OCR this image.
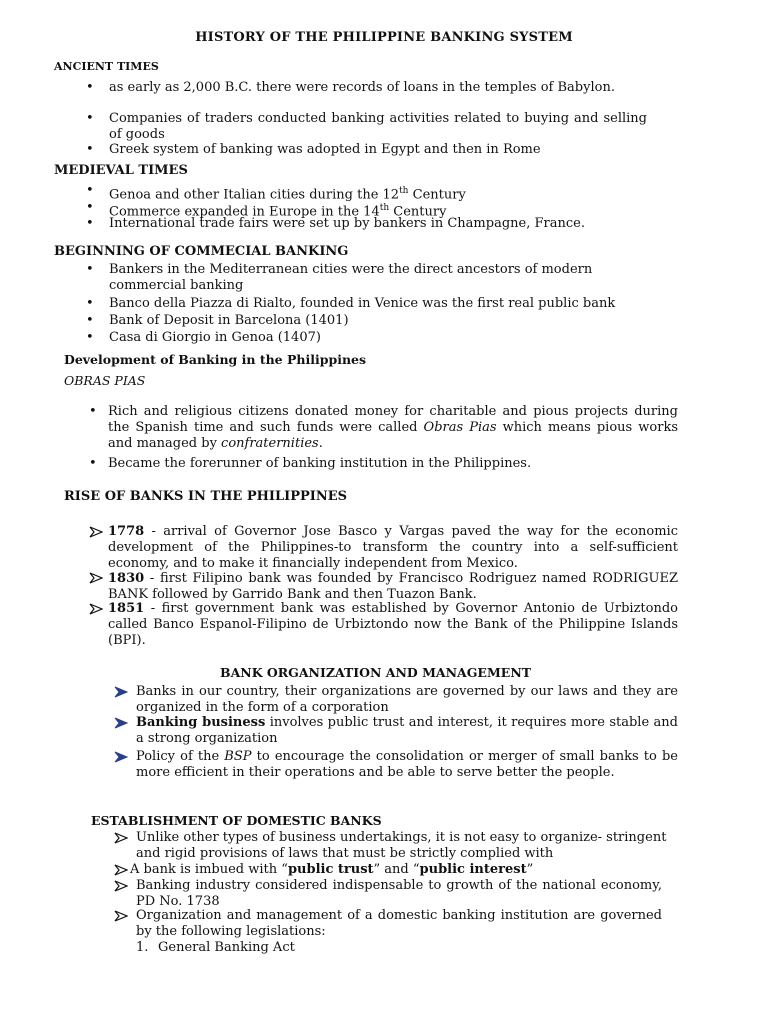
HISTORY OF THE PHILIPPINE BANKING SYSTEM
ANCIENT TIMES
• as early as 2,000 B.C. there were records of loans in the temples of Babylon.
• Companies of traders conducted banking activities related to buying and selling of goods
• Greek system of banking was adopted in Egypt and then in Rome
MEDIEVAL TIMES
• Genoa and other Italian cities during the 12th Century
• Commerce expanded in Europe in the 14th Century
• International trade fairs were set up by bankers in Champagne, France.
BEGINNING OF COMMECIAL BANKING
• Bankers in the Mediterranean cities were the direct ancestors of modern commercial banking
• Banco della Piazza di Rialto, founded in Venice was the first real public bank
• Bank of Deposit in Barcelona (1401)
• Casa di Giorgio in Genoa (1407)
Development of Banking in the Philippines
OBRAS PIAS
• Rich and religious citizens donated money for charitable and pious projects during the Spanish time and such funds were called Obras Pias which means pious works and managed by confraternities.
• Became the forerunner of banking institution in the Philippines.
RISE OF BANKS IN THE PHILIPPINES
1778 - arrival of Governor Jose Basco y Vargas paved the way for the economic development of the Philippines-to transform the country into a self-sufficient economy, and to make it financially independent from Mexico.
1830 - first Filipino bank was founded by Francisco Rodriguez named RODRIGUEZ BANK followed by Garrido Bank and then Tuazon Bank.
1851 - first government bank was established by Governor Antonio de Urbiztondo called Banco Espanol-Filipino de Urbiztondo now the Bank of the Philippine Islands (BPI).
BANK ORGANIZATION AND MANAGEMENT
Banks in our country, their organizations are governed by our laws and they are organized in the form of a corporation
Banking business involves public trust and interest, it requires more stable and a strong organization
Policy of the BSP to encourage the consolidation or merger of small banks to be more efficient in their operations and be able to serve better the people.
ESTABLISHMENT OF DOMESTIC BANKS
Unlike other types of business undertakings, it is not easy to organize- stringent and rigid provisions of laws that must be strictly complied with
A bank is imbued with “public trust” and “public interest”
Banking industry considered indispensable to growth of the national economy, PD No. 1738
Organization and management of a domestic banking institution are governed by the following legislations:
1. General Banking Act
